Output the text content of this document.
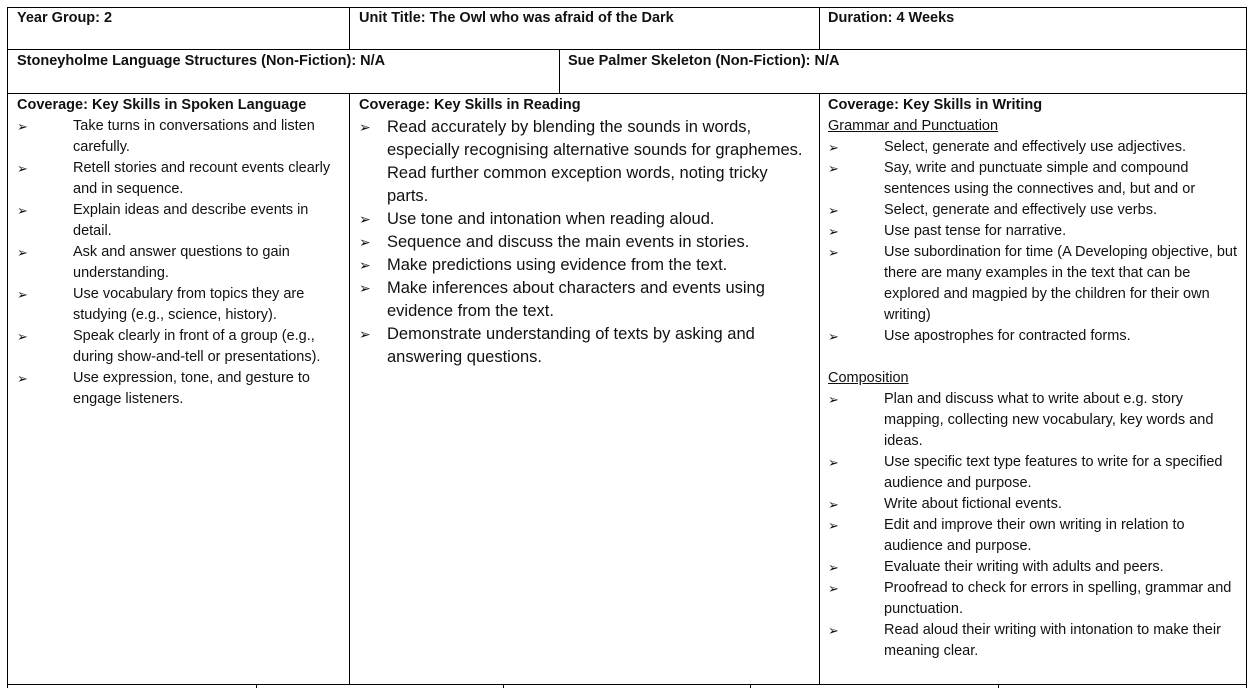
Year Group: 2	Unit Title: The Owl who was afraid of the Dark	Duration: 4 Weeks
Stoneyholme Language Structures (Non-Fiction): N/A	Sue Palmer Skeleton (Non-Fiction): N/A
Coverage: Key Skills in Spoken Language
➢	Take turns in conversations and listen carefully.
➢	Retell stories and recount events clearly and in sequence.
➢	Explain ideas and describe events in detail.
➢	Ask and answer questions to gain understanding.
➢	Use vocabulary from topics they are studying (e.g., science, history).
➢	Speak clearly in front of a group (e.g., during show-and-tell or presentations).
➢	Use expression, tone, and gesture to engage listeners.
Coverage: Key Skills in Reading
➢ Read accurately by blending the sounds in words, especially recognising alternative sounds for graphemes. Read further common exception words, noting tricky parts.
➢ Use tone and intonation when reading aloud.
➢ Sequence and discuss the main events in stories.
➢ Make predictions using evidence from the text.
➢ Make inferences about characters and events using evidence from the text.
➢ Demonstrate understanding of texts by asking and answering questions.
Coverage: Key Skills in Writing
Grammar and Punctuation
➢	Select, generate and effectively use adjectives.
➢	Say, write and punctuate simple and compound sentences using the connectives and, but and or
➢	Select, generate and effectively use verbs.
➢	Use past tense for narrative.
➢	Use subordination for time (A Developing objective, but there are many examples in the text that can be explored and magpied by the children for their own writing)
➢	Use apostrophes for contracted forms.
Composition
➢	Plan and discuss what to write about e.g. story mapping, collecting new vocabulary, key words and ideas.
➢	Use specific text type features to write for a specified audience and purpose.
➢	Write about fictional events.
➢	Edit and improve their own writing in relation to audience and purpose.
➢	Evaluate their writing with adults and peers.
➢	Proofread to check for errors in spelling, grammar and punctuation.
➢	Read aloud their writing with intonation to make their meaning clear.
